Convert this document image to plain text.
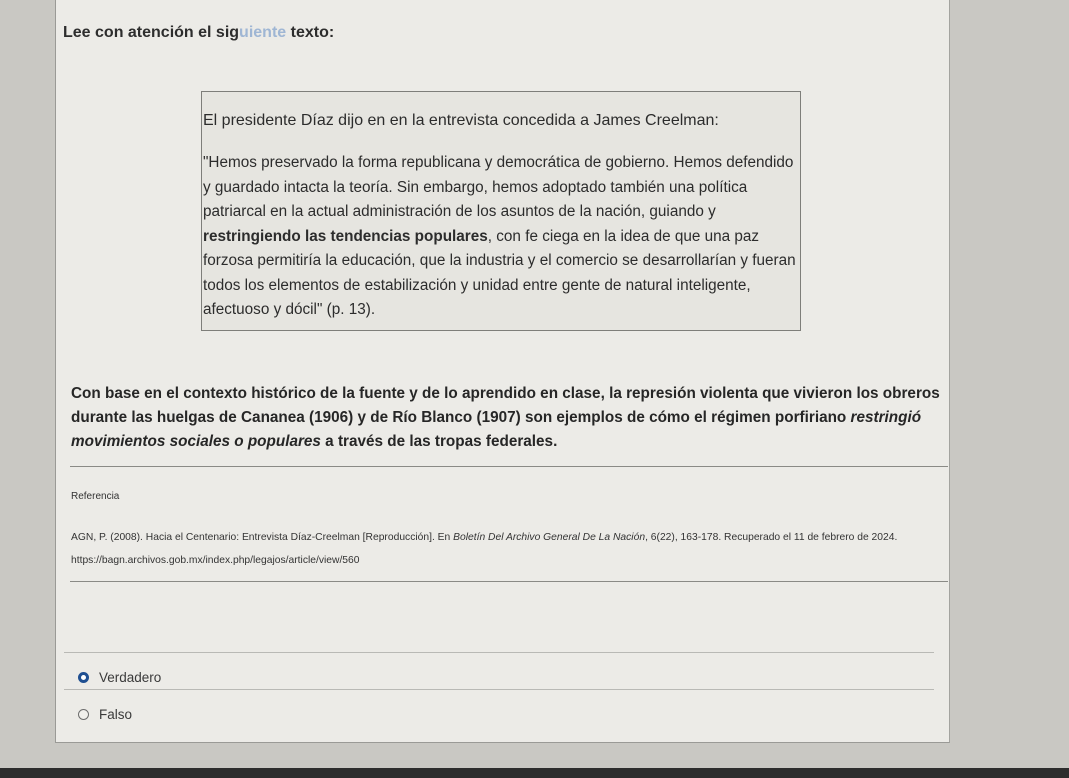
Lee con atención el siguiente texto:
El presidente Díaz dijo en en la entrevista concedida a James Creelman:
"Hemos preservado la forma republicana y democrática de gobierno. Hemos defendido y guardado intacta la teoría. Sin embargo, hemos adoptado también una política patriarcal en la actual administración de los asuntos de la nación, guiando y restringiendo las tendencias populares, con fe ciega en la idea de que una paz forzosa permitiría la educación, que la industria y el comercio se desarrollarían y fueran todos los elementos de estabilización y unidad entre gente de natural inteligente, afectuoso y dócil" (p. 13).
Con base en el contexto histórico de la fuente y de lo aprendido en clase, la represión violenta que vivieron los obreros durante las huelgas de Cananea (1906) y de Río Blanco (1907) son ejemplos de cómo el régimen porfiriano restringió movimientos sociales o populares a través de las tropas federales.
Referencia
AGN, P. (2008). Hacia el Centenario: Entrevista Díaz-Creelman [Reproducción]. En Boletín Del Archivo General De La Nación, 6(22), 163-178. Recuperado el 11 de febrero de 2024. https://bagn.archivos.gob.mx/index.php/legajos/article/view/560
Verdadero
Falso
